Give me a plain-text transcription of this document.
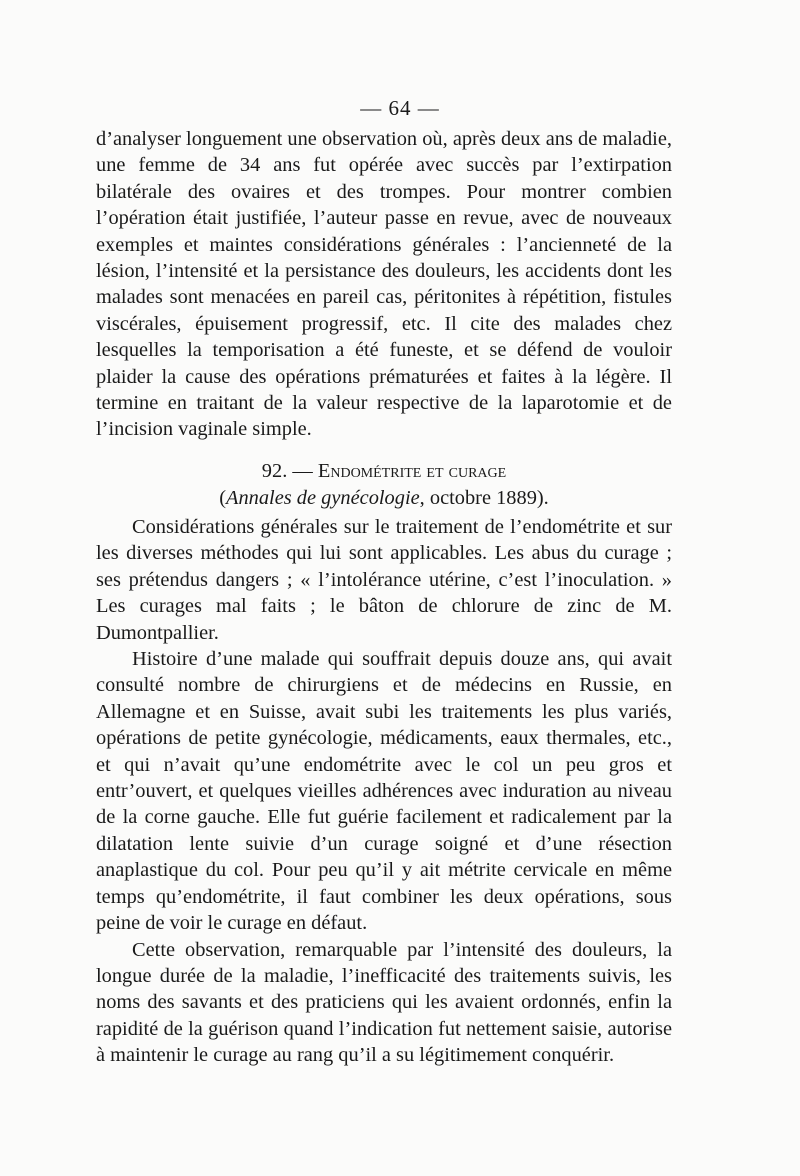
— 64 —

d’analyser longuement une observation où, après deux ans de maladie, une femme de 34 ans fut opérée avec succès par l’extirpation bilatérale des ovaires et des trompes. Pour montrer combien l’opération était justifiée, l’auteur passe en revue, avec de nouveaux exemples et maintes considérations générales : l’ancienneté de la lésion, l’intensité et la persistance des douleurs, les accidents dont les malades sont menacées en pareil cas, péritonites à répétition, fistules viscérales, épuisement progressif, etc. Il cite des malades chez lesquelles la temporisation a été funeste, et se défend de vouloir plaider la cause des opérations prématurées et faites à la légère. Il termine en traitant de la valeur respective de la laparotomie et de l’incision vaginale simple.

92. — Endométrite et curage
(Annales de gynécologie, octobre 1889).

Considérations générales sur le traitement de l’endométrite et sur les diverses méthodes qui lui sont applicables. Les abus du curage ; ses prétendus dangers ; « l’intolérance utérine, c’est l’inoculation. » Les curages mal faits ; le bâton de chlorure de zinc de M. Dumontpallier.

Histoire d’une malade qui souffrait depuis douze ans, qui avait consulté nombre de chirurgiens et de médecins en Russie, en Allemagne et en Suisse, avait subi les traitements les plus variés, opérations de petite gynécologie, médicaments, eaux thermales, etc., et qui n’avait qu’une endométrite avec le col un peu gros et entr’ouvert, et quelques vieilles adhérences avec induration au niveau de la corne gauche. Elle fut guérie facilement et radicalement par la dilatation lente suivie d’un curage soigné et d’une résection anaplastique du col. Pour peu qu’il y ait métrite cervicale en même temps qu’endométrite, il faut combiner les deux opérations, sous peine de voir le curage en défaut.

Cette observation, remarquable par l’intensité des douleurs, la longue durée de la maladie, l’inefficacité des traitements suivis, les noms des savants et des praticiens qui les avaient ordonnés, enfin la rapidité de la guérison quand l’indication fut nettement saisie, autorise à maintenir le curage au rang qu’il a su légitimement conquérir.
